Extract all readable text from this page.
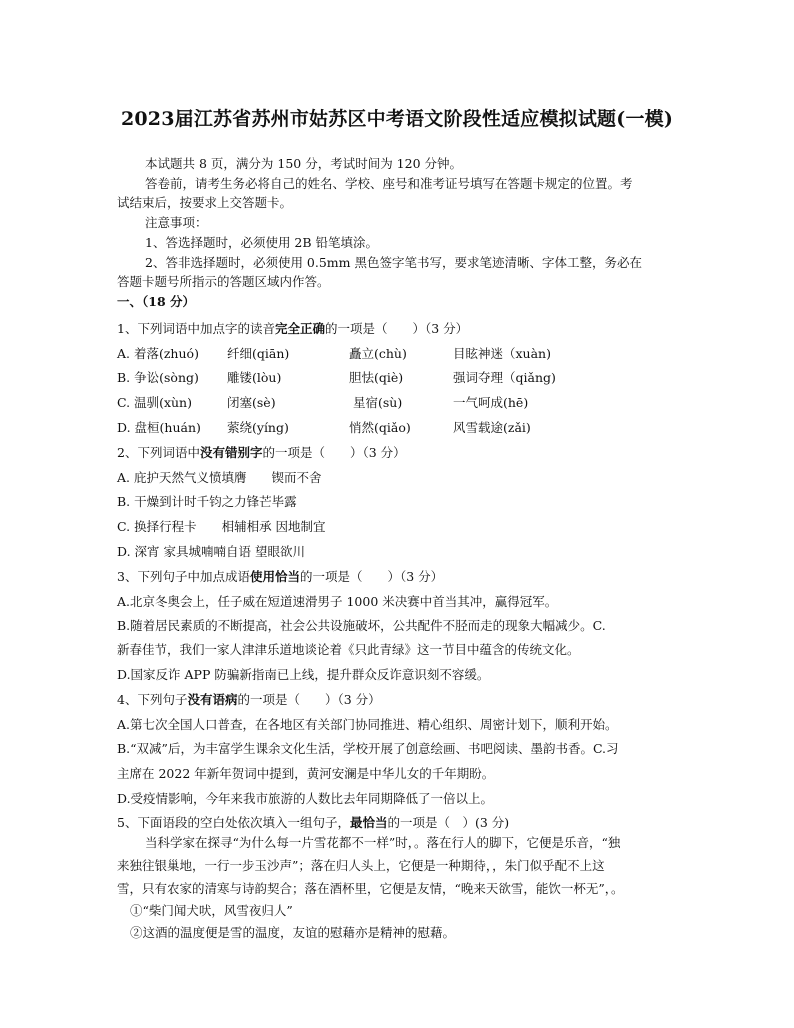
2023届江苏省苏州市姑苏区中考语文阶段性适应模拟试题(一模)
本试题共 8 页，满分为 150 分，考试时间为 120 分钟。
答卷前，请考生务必将自己的姓名、学校、座号和准考证号填写在答题卡规定的位置。考
试结束后，按要求上交答题卡。
注意事项：
1、答选择题时，必须使用 2B 铅笔填涂。
2、答非选择题时，必须使用 0.5mm 黑色签字笔书写，要求笔迹清晰、字体工整，务必在
答题卡题号所指示的答题区域内作答。
一、（18 分）
1、下列词语中加点字的读音完全正确的一项是（　　）（3 分）
A. 着落(zhuó) 纤细(qiān)	矗立(chù)	目眩神迷（xuàn)
B. 争讼(sòng) 雕镂(lòu)	胆怯(qiè)	强词夺理（qiǎng)
C. 温驯(xùn)	闭塞(sè)	星宿(sù)	一气呵成(hē)
D. 盘桓(huán) 萦绕(yíng)	悄然(qiǎo)	风雪载途(zǎi)
2、下列词语中没有错别字的一项是（　　）（3 分）
A. 庇护天然气义愤填膺　　锲而不舍
B. 干燥到计时千钧之力锋芒毕露
C. 换择行程卡　　相辅相承 因地制宜
D. 深宵 家具城喃喃自语 望眼欲川
3、下列句子中加点成语使用恰当的一项是（　　）（3 分）
A.北京冬奥会上，任子威在短道速滑男子 1000 米决赛中首当其冲，赢得冠军。
B.随着居民素质的不断提高，社会公共设施破坏，公共配件不胫而走的现象大幅减少。C.
新春佳节，我们一家人津津乐道地谈论着《只此青绿》这一节目中蕴含的传统文化。
D.国家反诈 APP 防骗新指南已上线，提升群众反诈意识刻不容缓。
4、下列句子没有语病的一项是（　　）（3 分）
A.第七次全国人口普查，在各地区有关部门协同推进、精心组织、周密计划下，顺利开始。
B.“双减”后，为丰富学生课余文化生活，学校开展了创意绘画、书吧阅读、墨韵书香。C.习
主席在 2022 年新年贺词中提到，黄河安澜是中华儿女的千年期盼。
D.受疫情影响，今年来我市旅游的人数比去年同期降低了一倍以上。
5、下面语段的空白处依次填入一组句子，最恰当的一项是（　）(3 分)
当科学家在探寻“为什么每一片雪花都不一样”时，。落在行人的脚下，它便是乐音，“独
来独往银巢地，一行一步玉沙声”；落在归人头上，它便是一种期待，，朱门似乎配不上这
雪，只有农家的清寒与诗韵契合；落在酒杯里，它便是友情，“晚来天欲雪，能饮一杯无”，。
①“柴门闻犬吠，风雪夜归人”
②这酒的温度便是雪的温度，友谊的慰藉亦是精神的慰藉。
